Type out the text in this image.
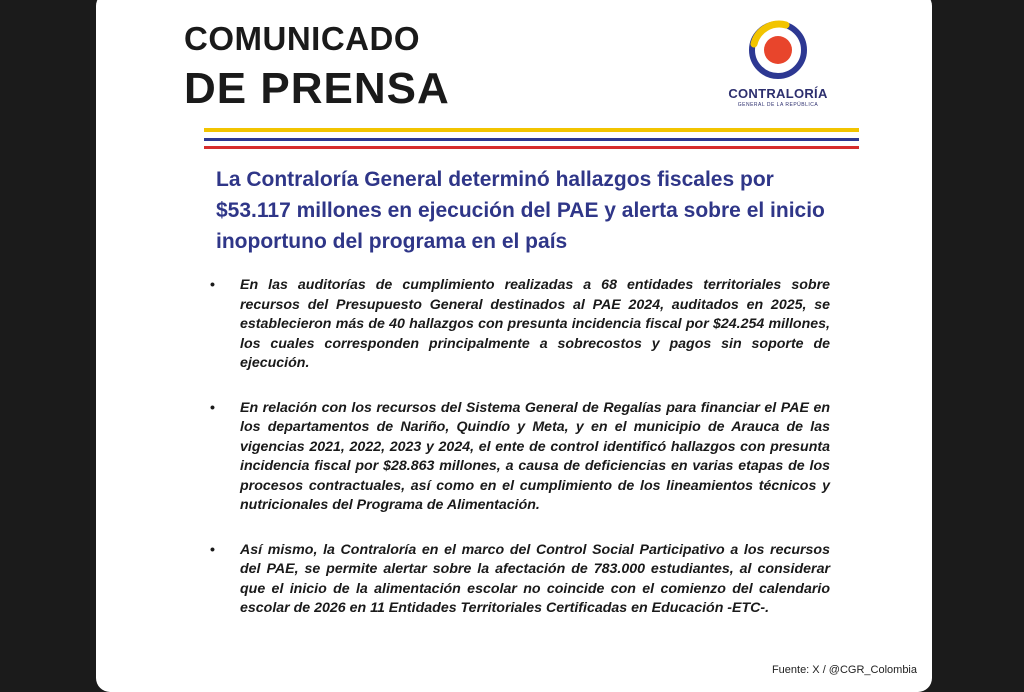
COMUNICADO
DE PRENSA	CONTRALORÍA
GENERAL DE LA REPÚBLICA
La Contraloría General determinó hallazgos fiscales por $53.117 millones en ejecución del PAE y alerta sobre el inicio inoportuno del programa en el país
• En las auditorías de cumplimiento realizadas a 68 entidades territoriales sobre recursos del Presupuesto General destinados al PAE 2024, auditados en 2025, se establecieron más de 40 hallazgos con presunta incidencia fiscal por $24.254 millones, los cuales corresponden principalmente a sobrecostos y pagos sin soporte de ejecución.
• En relación con los recursos del Sistema General de Regalías para financiar el PAE en los departamentos de Nariño, Quindío y Meta, y en el municipio de Arauca de las vigencias 2021, 2022, 2023 y 2024, el ente de control identificó hallazgos con presunta incidencia fiscal por $28.863 millones, a causa de deficiencias en varias etapas de los procesos contractuales, así como en el cumplimiento de los lineamientos técnicos y nutricionales del Programa de Alimentación.
• Así mismo, la Contraloría en el marco del Control Social Participativo a los recursos del PAE, se permite alertar sobre la afectación de 783.000 estudiantes, al considerar que el inicio de la alimentación escolar no coincide con el comienzo del calendario escolar de 2026 en 11 Entidades Territoriales Certificadas en Educación -ETC-.
Fuente: X / @CGR_Colombia
